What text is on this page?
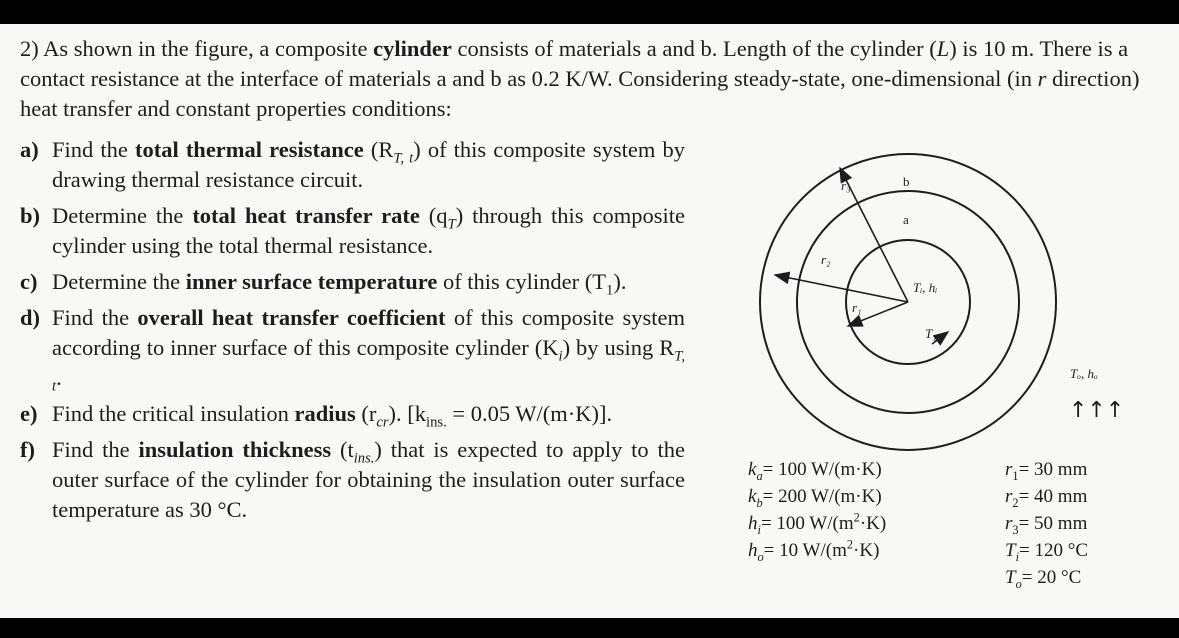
2) As shown in the figure, a composite cylinder consists of materials a and b. Length of the cylinder (L) is 10 m. There is a contact resistance at the interface of materials a and b as 0.2 K/W. Considering steady-state, one-dimensional (in r direction) heat transfer and constant properties conditions:

a) Find the total thermal resistance $(R_{T, t})$ of this composite system by drawing thermal resistance circuit.
b) Determine the total heat transfer rate $(q_T)$ through this composite cylinder using the total thermal resistance.
c) Determine the inner surface temperature of this cylinder $(T_1)$.
d) Find the overall heat transfer coefficient of this composite system according to inner surface of this composite cylinder $(K_i)$ by using $R_{T, t}$.
e) Find the critical insulation radius $(r_{cr})$. [$k_{ins.} = 0.05$ W/(m·K)].
f) Find the insulation thickness $(t_{ins.})$ that is expected to apply to the outer surface of the cylinder for obtaining the insulation outer surface temperature as 30 °C.
b
a
r₃
r₂
r₁
Tᵢ, hᵢ
T₁
Tₒ, hₒ
↑↑↑
$k_a= 100$ W/(m·K)
$k_b= 200$ W/(m·K)
$h_i= 100$ $W/(m^2\cdot K)$
$h_o= 10$ $W/(m^2\cdot K)$
$r_1= 30$ mm
$r_2= 40$ mm
$r_3= 50$ mm
$T_i= 120$ °C
$T_o= 20$ °C
